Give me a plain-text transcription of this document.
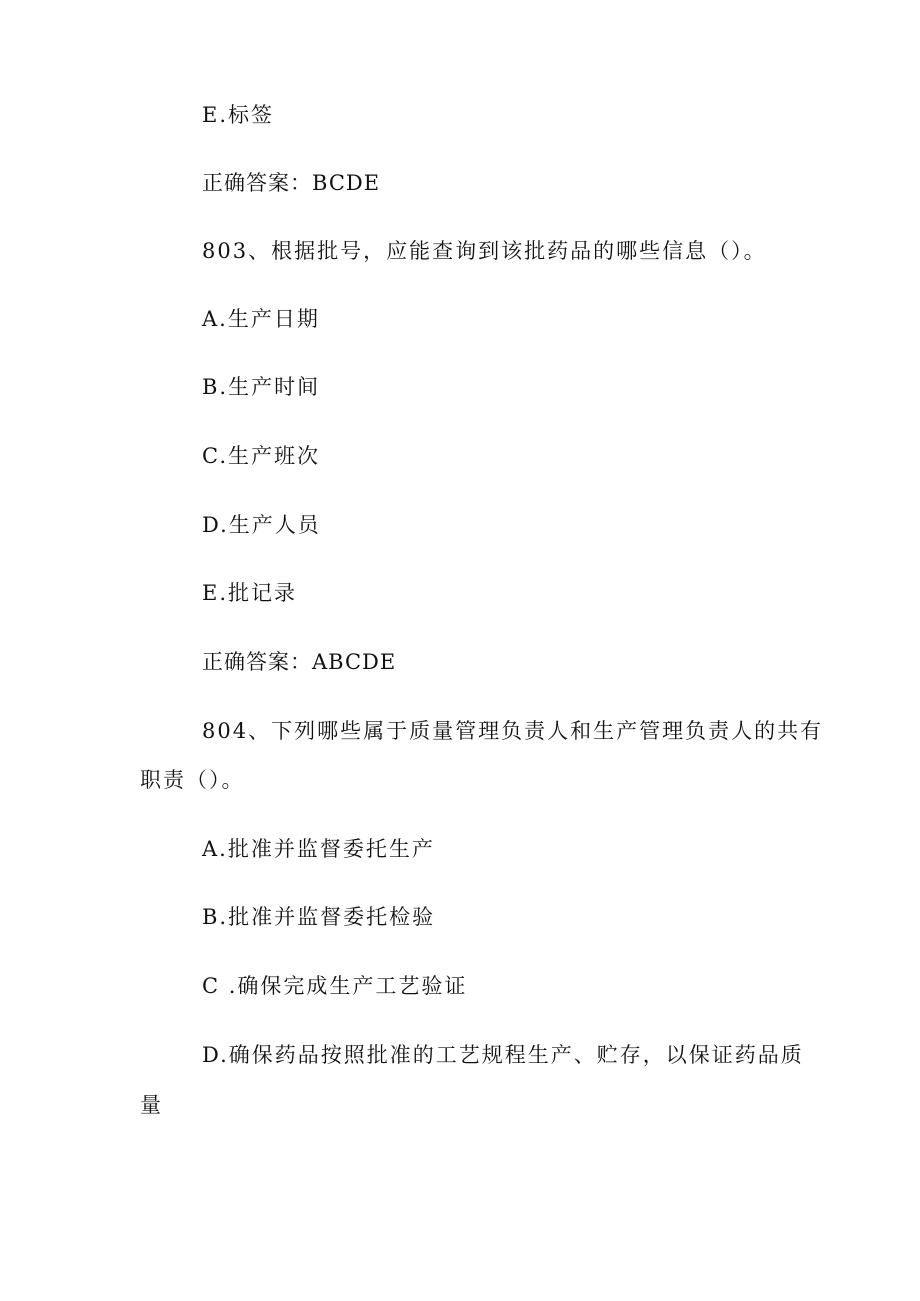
E.标签
正确答案：BCDE
803、根据批号，应能查询到该批药品的哪些信息（）。
A.生产日期
B.生产时间
C.生产班次
D.生产人员
E.批记录
正确答案：ABCDE
804、下列哪些属于质量管理负责人和生产管理负责人的共有
职责（）。
A.批准并监督委托生产
B.批准并监督委托检验
C .确保完成生产工艺验证
D.确保药品按照批准的工艺规程生产、贮存，以保证药品质
量
